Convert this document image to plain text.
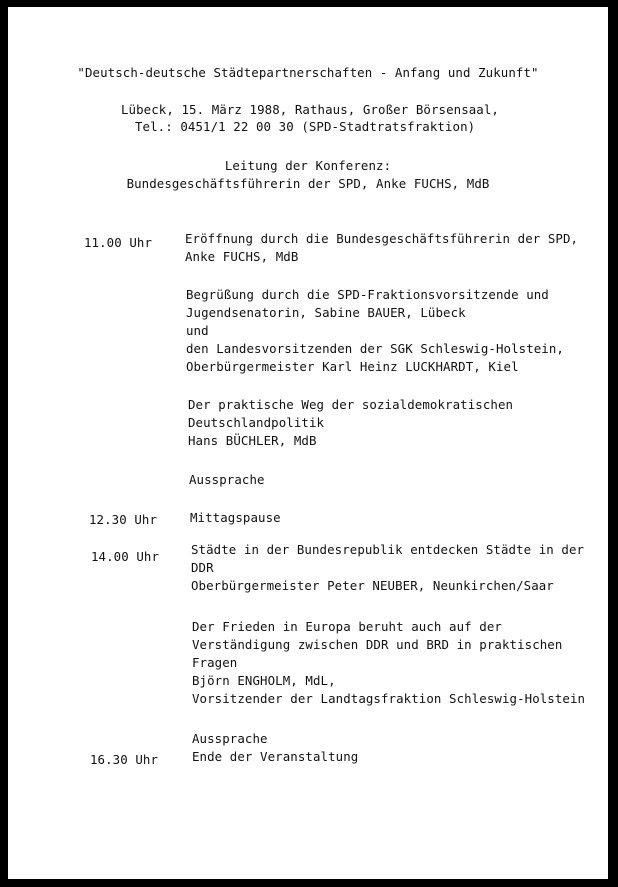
"Deutsch-deutsche Städtepartnerschaften - Anfang und Zukunft"
Lübeck, 15. März 1988, Rathaus, Großer Börsensaal,
Tel.: 0451/1 22 00 30 (SPD-Stadtratsfraktion)
Leitung der Konferenz:
Bundesgeschäftsführerin der SPD, Anke FUCHS, MdB
11.00 Uhr	Eröffnung durch die Bundesgeschäftsführerin der SPD,
Anke FUCHS, MdB
Begrüßung durch die SPD-Fraktionsvorsitzende und
Jugendsenatorin, Sabine BAUER, Lübeck
und
den Landesvorsitzenden der SGK Schleswig-Holstein,
Oberbürgermeister Karl Heinz LUCKHARDT, Kiel
Der praktische Weg der sozialdemokratischen
Deutschlandpolitik
Hans BÜCHLER, MdB
Aussprache
12.30 Uhr	Mittagspause
14.00 Uhr	Städte in der Bundesrepublik entdecken Städte in der
DDR
Oberbürgermeister Peter NEUBER, Neunkirchen/Saar
Der Frieden in Europa beruht auch auf der
Verständigung zwischen DDR und BRD in praktischen
Fragen
Björn ENGHOLM, MdL,
Vorsitzender der Landtagsfraktion Schleswig-Holstein
Aussprache
16.30 Uhr	Ende der Veranstaltung
